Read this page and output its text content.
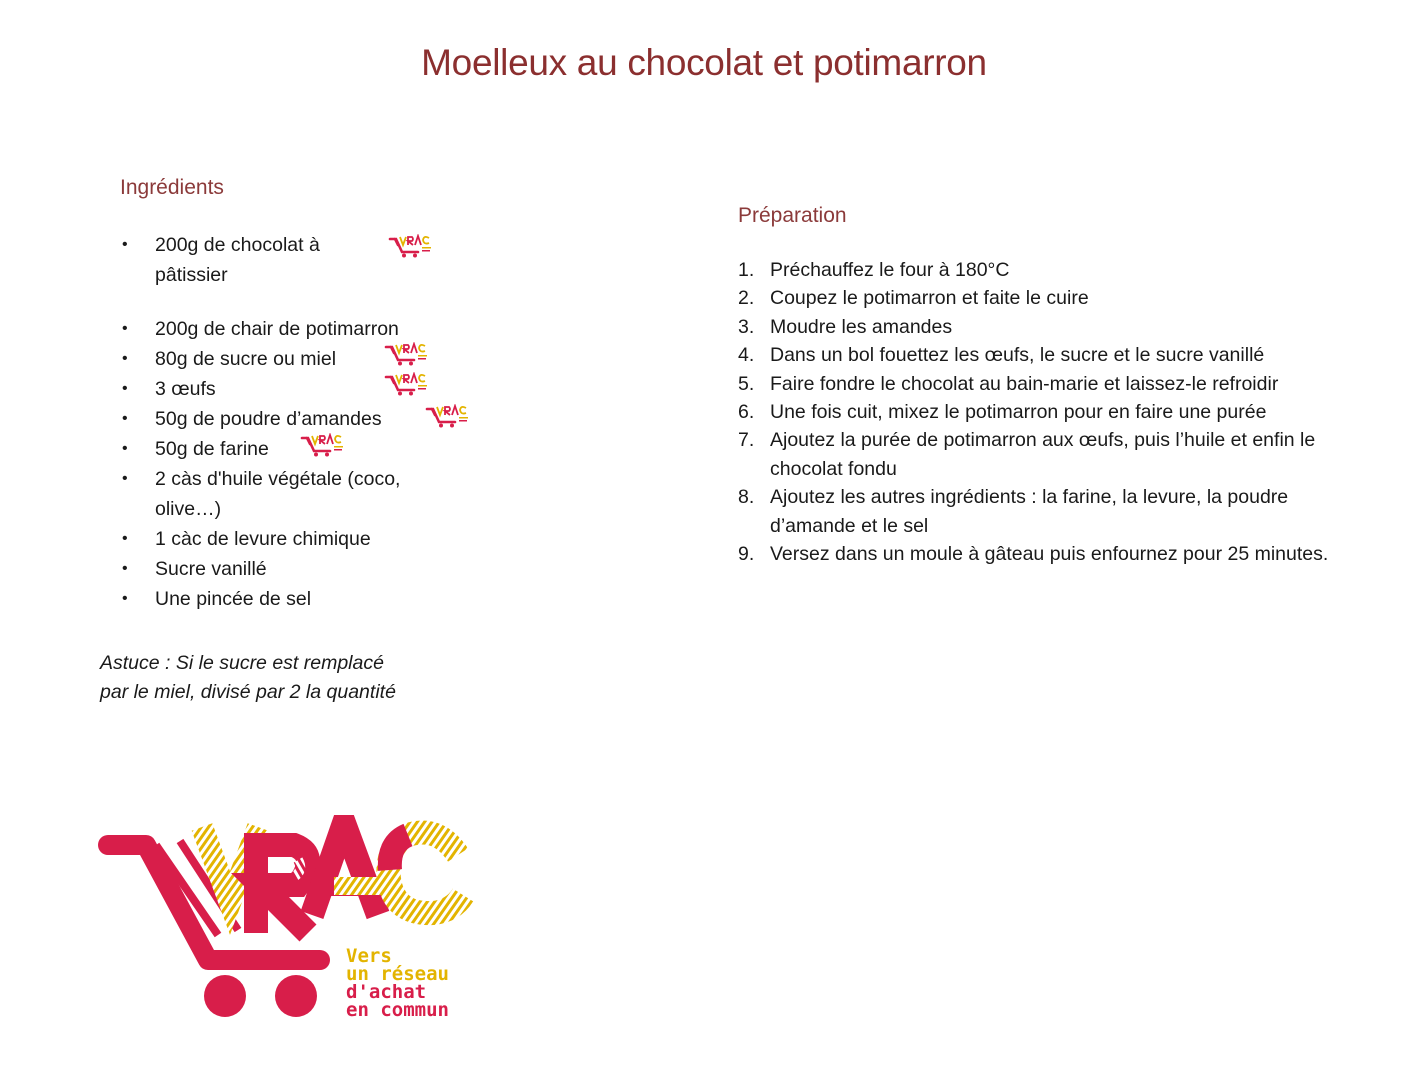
Moelleux au chocolat et potimarron
Ingrédients
• 200g de chocolat à pâtissier
• 200g de chair de potimarron
• 80g de sucre ou miel
• 3 œufs
• 50g de poudre d’amandes
• 50g de farine
• 2 càs d'huile végétale (coco, olive…)
• 1 càc de levure chimique
• Sucre vanillé
• Une pincée de sel
Astuce : Si le sucre est remplacé
par le miel, divisé par 2 la quantité
Préparation
1. Préchauffez le four à 180°C
2. Coupez le potimarron et faite le cuire
3. Moudre les amandes
4. Dans un bol fouettez les œufs, le sucre et le sucre vanillé
5. Faire fondre le chocolat au bain-marie et laissez-le refroidir
6. Une fois cuit, mixez le potimarron pour en faire une purée
7. Ajoutez la purée de potimarron aux œufs, puis l’huile et enfin le chocolat fondu
8. Ajoutez les autres ingrédients : la farine, la levure, la poudre d’amande et le sel
9. Versez dans un moule à gâteau puis enfournez pour 25 minutes.
Vers
un réseau
d'achat
en commun
